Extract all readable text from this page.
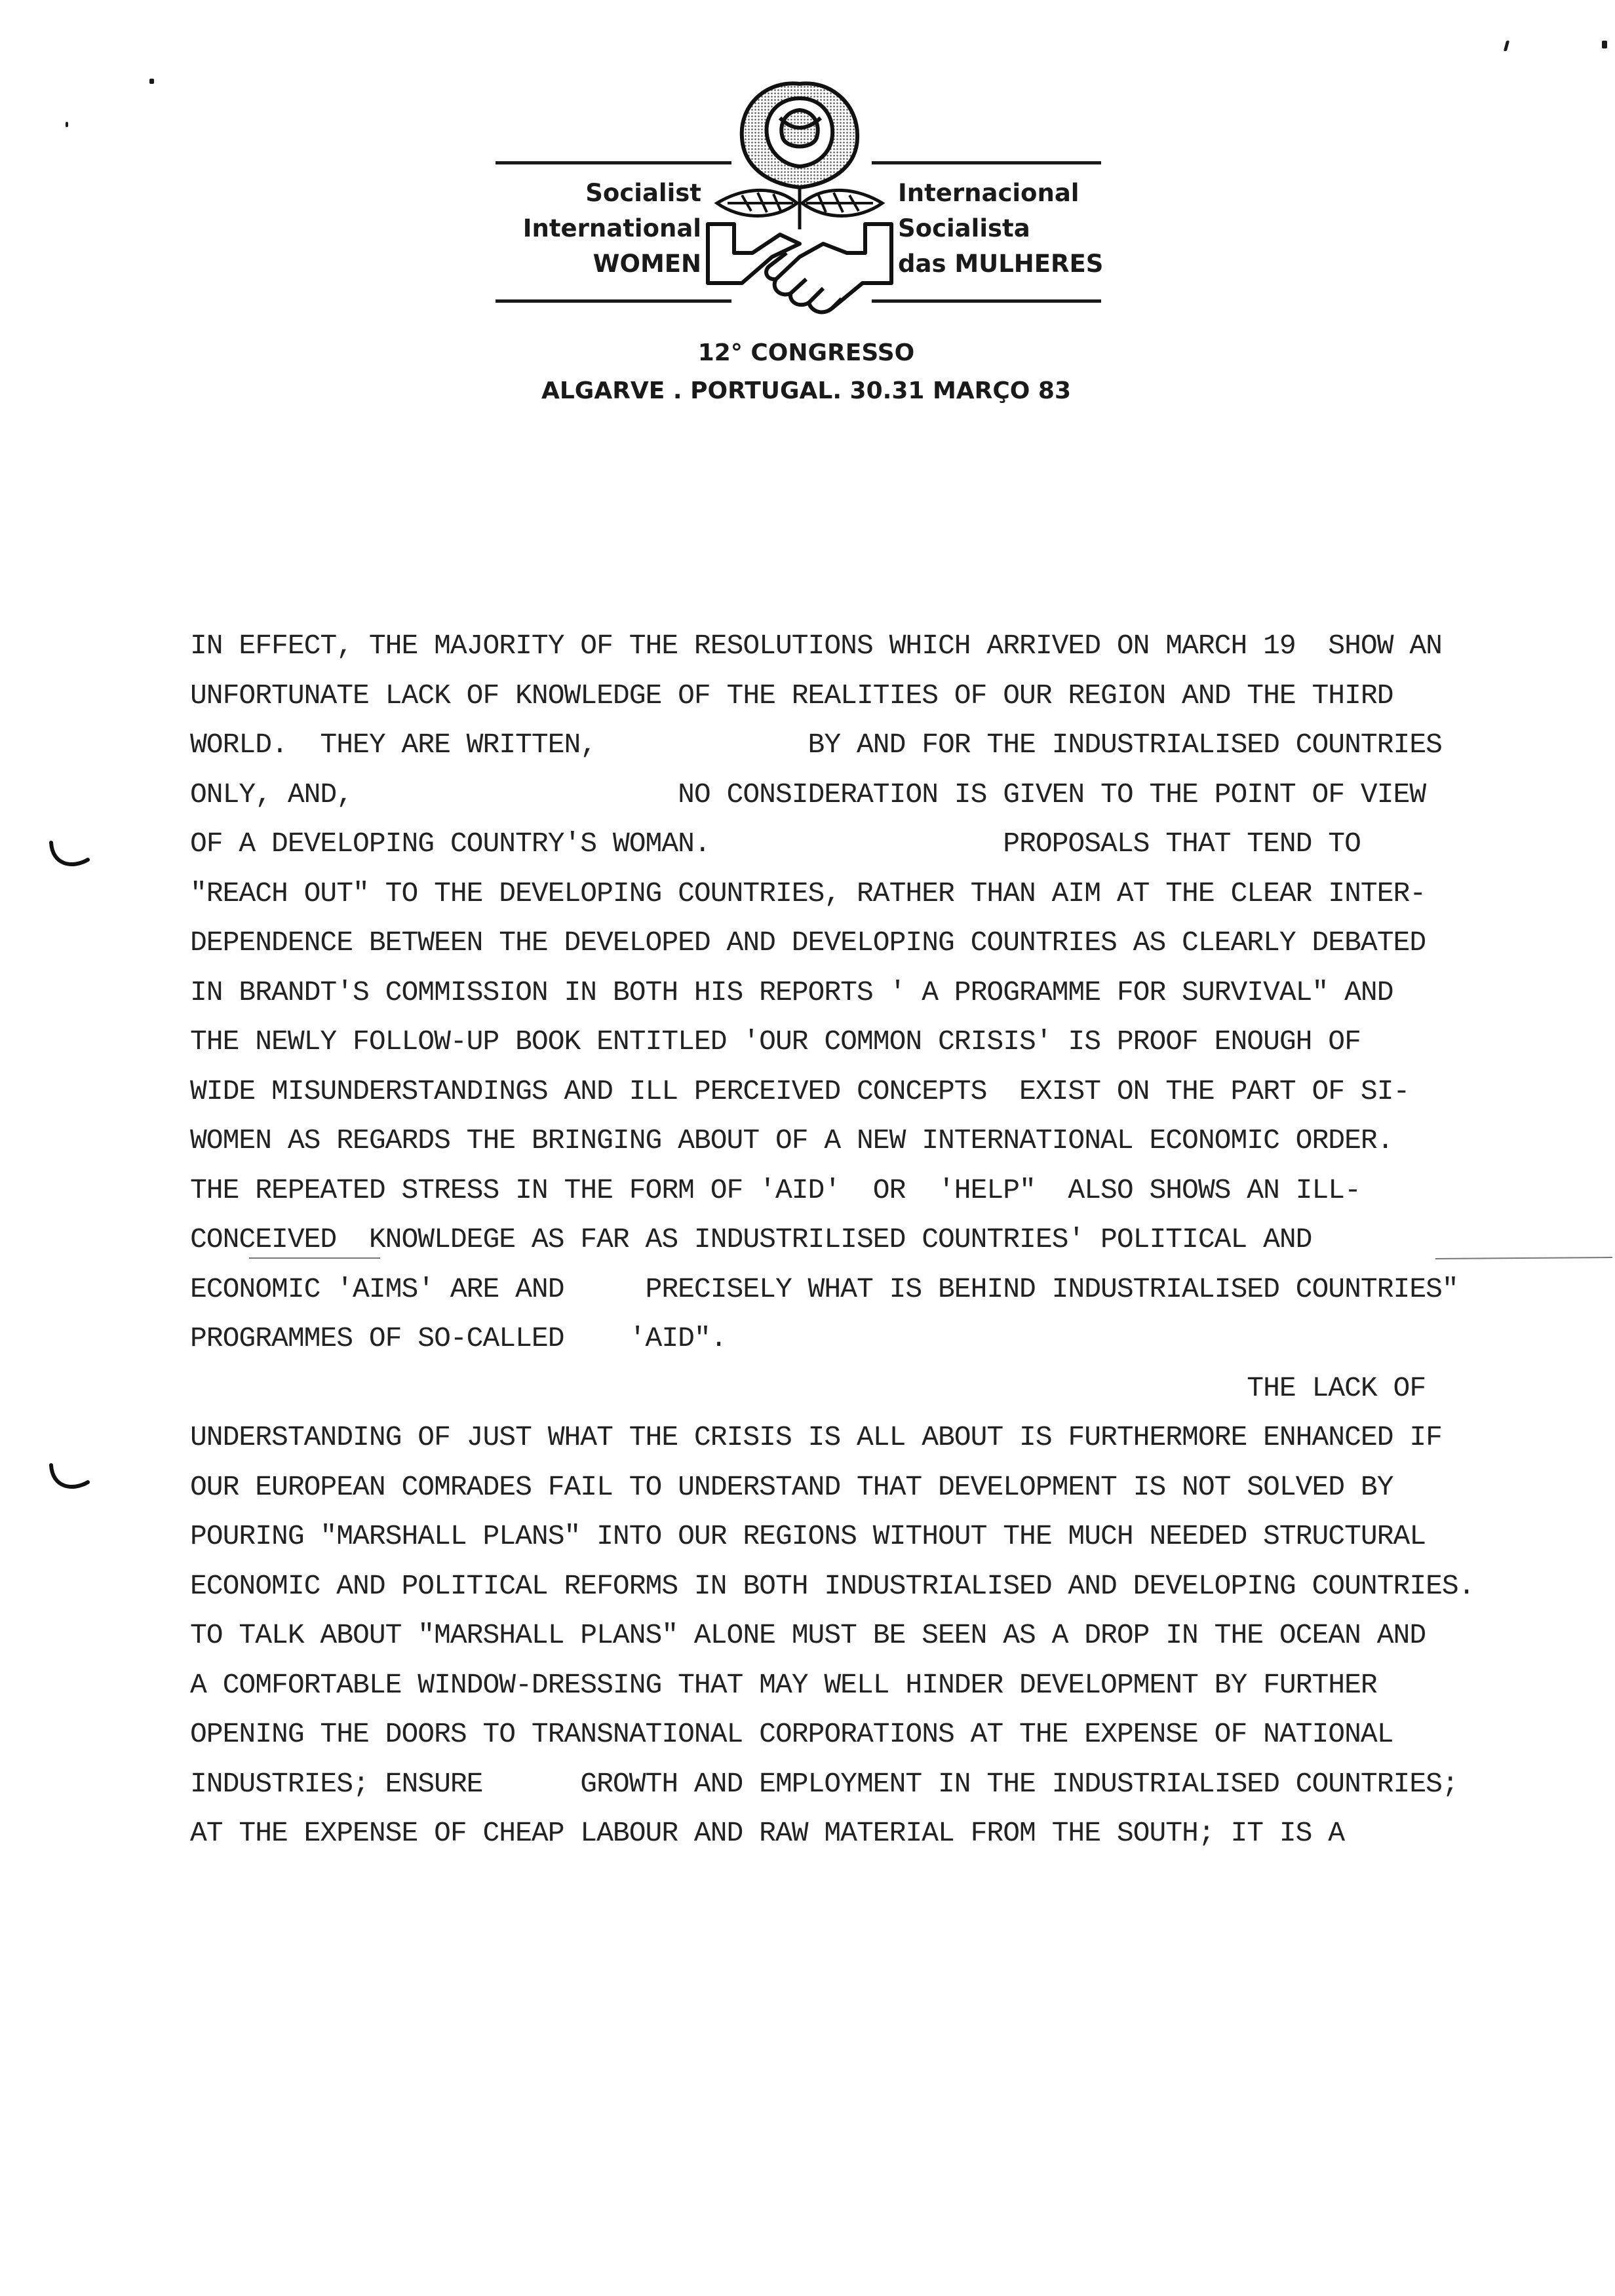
Socialist
International
WOMEN
Internacional
Socialista
das MULHERES
12° CONGRESSO
ALGARVE . PORTUGAL. 30.31 MARÇO 83
IN EFFECT, THE MAJORITY OF THE RESOLUTIONS WHICH ARRIVED ON MARCH 19  SHOW AN
UNFORTUNATE LACK OF KNOWLEDGE OF THE REALITIES OF OUR REGION AND THE THIRD
WORLD.  THEY ARE WRITTEN,             BY AND FOR THE INDUSTRIALISED COUNTRIES
ONLY, AND,                    NO CONSIDERATION IS GIVEN TO THE POINT OF VIEW
OF A DEVELOPING COUNTRY'S WOMAN.                  PROPOSALS THAT TEND TO
"REACH OUT" TO THE DEVELOPING COUNTRIES, RATHER THAN AIM AT THE CLEAR INTER-
DEPENDENCE BETWEEN THE DEVELOPED AND DEVELOPING COUNTRIES AS CLEARLY DEBATED
IN BRANDT'S COMMISSION IN BOTH HIS REPORTS ' A PROGRAMME FOR SURVIVAL" AND
THE NEWLY FOLLOW-UP BOOK ENTITLED 'OUR COMMON CRISIS' IS PROOF ENOUGH OF
WIDE MISUNDERSTANDINGS AND ILL PERCEIVED CONCEPTS  EXIST ON THE PART OF SI-
WOMEN AS REGARDS THE BRINGING ABOUT OF A NEW INTERNATIONAL ECONOMIC ORDER.
THE REPEATED STRESS IN THE FORM OF 'AID'  OR  'HELP"  ALSO SHOWS AN ILL-
CONCEIVED  KNOWLDEGE AS FAR AS INDUSTRILISED COUNTRIES' POLITICAL AND
ECONOMIC 'AIMS' ARE AND     PRECISELY WHAT IS BEHIND INDUSTRIALISED COUNTRIES"
PROGRAMMES OF SO-CALLED    'AID".
THE LACK OF
UNDERSTANDING OF JUST WHAT THE CRISIS IS ALL ABOUT IS FURTHERMORE ENHANCED IF
OUR EUROPEAN COMRADES FAIL TO UNDERSTAND THAT DEVELOPMENT IS NOT SOLVED BY
POURING "MARSHALL PLANS" INTO OUR REGIONS WITHOUT THE MUCH NEEDED STRUCTURAL
ECONOMIC AND POLITICAL REFORMS IN BOTH INDUSTRIALISED AND DEVELOPING COUNTRIES.
TO TALK ABOUT "MARSHALL PLANS" ALONE MUST BE SEEN AS A DROP IN THE OCEAN AND
A COMFORTABLE WINDOW-DRESSING THAT MAY WELL HINDER DEVELOPMENT BY FURTHER
OPENING THE DOORS TO TRANSNATIONAL CORPORATIONS AT THE EXPENSE OF NATIONAL
INDUSTRIES; ENSURE      GROWTH AND EMPLOYMENT IN THE INDUSTRIALISED COUNTRIES;
AT THE EXPENSE OF CHEAP LABOUR AND RAW MATERIAL FROM THE SOUTH; IT IS A
